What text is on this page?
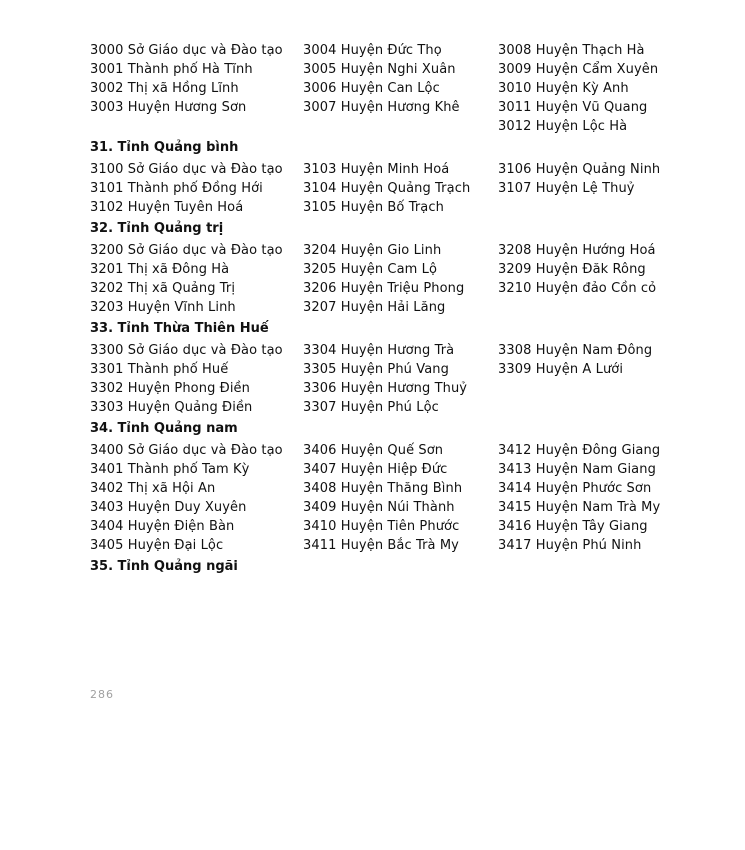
3000 Sở Giáo dục và Đào tạo
3001 Thành phố Hà Tĩnh
3002 Thị xã Hồng Lĩnh
3003 Huyện Hương Sơn
3004 Huyện Đức Thọ
3005 Huyện Nghi Xuân
3006 Huyện Can Lộc
3007 Huyện Hương Khê
3008 Huyện Thạch Hà
3009 Huyện Cẩm Xuyên
3010 Huyện Kỳ Anh
3011 Huyện Vũ Quang
3012 Huyện Lộc Hà
31. Tỉnh Quảng bình
3100 Sở Giáo dục và Đào tạo
3101 Thành phố Đồng Hới
3102 Huyện Tuyên Hoá
3103 Huyện Minh Hoá
3104 Huyện Quảng Trạch
3105 Huyện Bố Trạch
3106 Huyện Quảng Ninh
3107 Huyện Lệ Thuỷ
32. Tỉnh Quảng trị
3200 Sở Giáo dục và Đào tạo
3201 Thị xã Đông Hà
3202 Thị xã Quảng Trị
3203 Huyện Vĩnh Linh
3204 Huyện Gio Linh
3205 Huyện Cam Lộ
3206 Huyện Triệu Phong
3207 Huyện Hải Lăng
3208 Huyện Hướng Hoá
3209 Huyện Đăk Rông
3210 Huyện đảo Cồn cỏ
33. Tỉnh Thừa Thiên Huế
3300 Sở Giáo dục và Đào tạo
3301 Thành phố Huế
3302 Huyện Phong Điền
3303 Huyện Quảng Điền
3304 Huyện Hương Trà
3305 Huyện Phú Vang
3306 Huyện Hương Thuỷ
3307 Huyện Phú Lộc
3308 Huyện Nam Đông
3309 Huyện A Lưới
34. Tỉnh Quảng nam
3400 Sở Giáo dục và Đào tạo
3401 Thành phố Tam Kỳ
3402 Thị xã Hội An
3403 Huyện Duy Xuyên
3404 Huyện Điện Bàn
3405 Huyện Đại Lộc
3406 Huyện Quế Sơn
3407 Huyện Hiệp Đức
3408 Huyện Thăng Bình
3409 Huyện Núi Thành
3410 Huyện Tiên Phước
3411 Huyện Bắc Trà My
3412 Huyện Đông Giang
3413 Huyện Nam Giang
3414 Huyện Phước Sơn
3415 Huyện Nam Trà My
3416 Huyện Tây Giang
3417 Huyện Phú Ninh
35. Tỉnh Quảng ngãi
286
